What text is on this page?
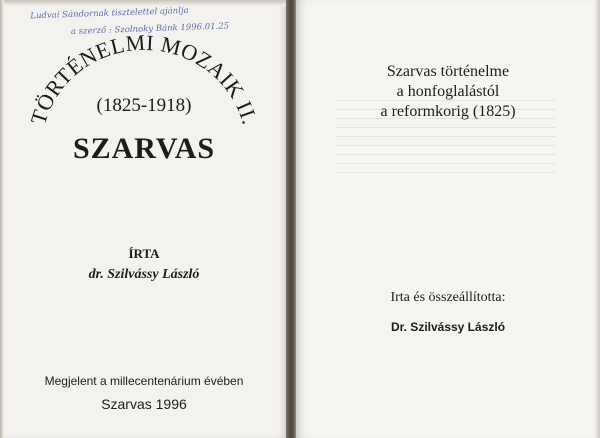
Ludvai Sándornak tisztelettel ajánlja
a szerző : Szolnoky Bánk 1996.01.25
TÖRTÉNELMI MOZAIK II.
(1825-1918)
SZARVAS
ÍRTA
dr. Szilvássy László
Megjelent a millecentenárium évében
Szarvas 1996
Szarvas történelme
a honfoglalástól
a reformkorig (1825)
Irta és összeállította:
Dr. Szilvássy László
